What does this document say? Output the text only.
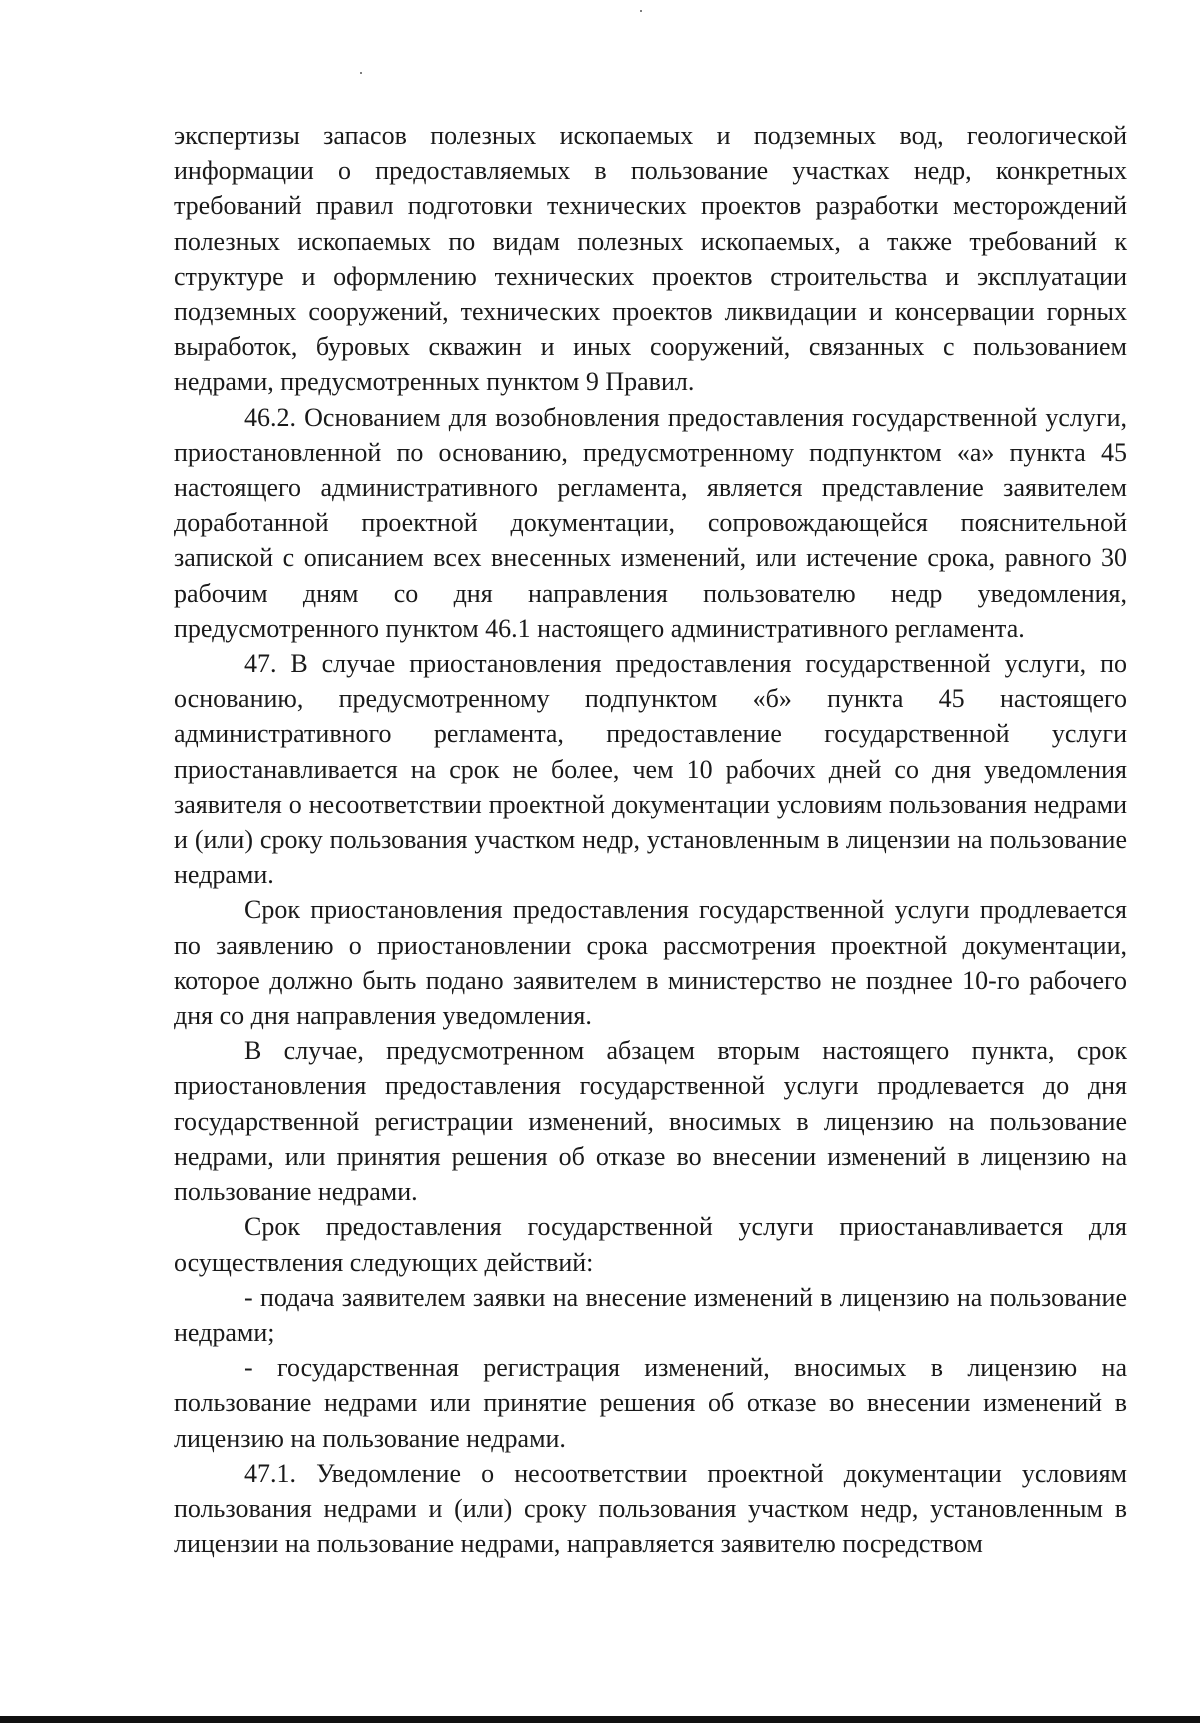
экспертизы запасов полезных ископаемых и подземных вод, геологической информации о предоставляемых в пользование участках недр, конкретных требований правил подготовки технических проектов разработки месторождений полезных ископаемых по видам полезных ископаемых, а также требований к структуре и оформлению технических проектов строительства и эксплуатации подземных сооружений, технических проектов ликвидации и консервации горных выработок, буровых скважин и иных сооружений, связанных с пользованием недрами, предусмотренных пунктом 9 Правил.

46.2. Основанием для возобновления предоставления государственной услуги, приостановленной по основанию, предусмотренному подпунктом «а» пункта 45 настоящего административного регламента, является представление заявителем доработанной проектной документации, сопровождающейся пояснительной запиской с описанием всех внесенных изменений, или истечение срока, равного 30 рабочим дням со дня направления пользователю недр уведомления, предусмотренного пунктом 46.1 настоящего административного регламента.

47. В случае приостановления предоставления государственной услуги, по основанию, предусмотренному подпунктом «б» пункта 45 настоящего административного регламента, предоставление государственной услуги приостанавливается на срок не более, чем 10 рабочих дней со дня уведомления заявителя о несоответствии проектной документации условиям пользования недрами и (или) сроку пользования участком недр, установленным в лицензии на пользование недрами.

Срок приостановления предоставления государственной услуги продлевается по заявлению о приостановлении срока рассмотрения проектной документации, которое должно быть подано заявителем в министерство не позднее 10-го рабочего дня со дня направления уведомления.

В случае, предусмотренном абзацем вторым настоящего пункта, срок приостановления предоставления государственной услуги продлевается до дня государственной регистрации изменений, вносимых в лицензию на пользование недрами, или принятия решения об отказе во внесении изменений в лицензию на пользование недрами.

Срок предоставления государственной услуги приостанавливается для осуществления следующих действий:

- подача заявителем заявки на внесение изменений в лицензию на пользование недрами;

- государственная регистрация изменений, вносимых в лицензию на пользование недрами или принятие решения об отказе во внесении изменений в лицензию на пользование недрами.

47.1. Уведомление о несоответствии проектной документации условиям пользования недрами и (или) сроку пользования участком недр, установленным в лицензии на пользование недрами, направляется заявителю посредством
